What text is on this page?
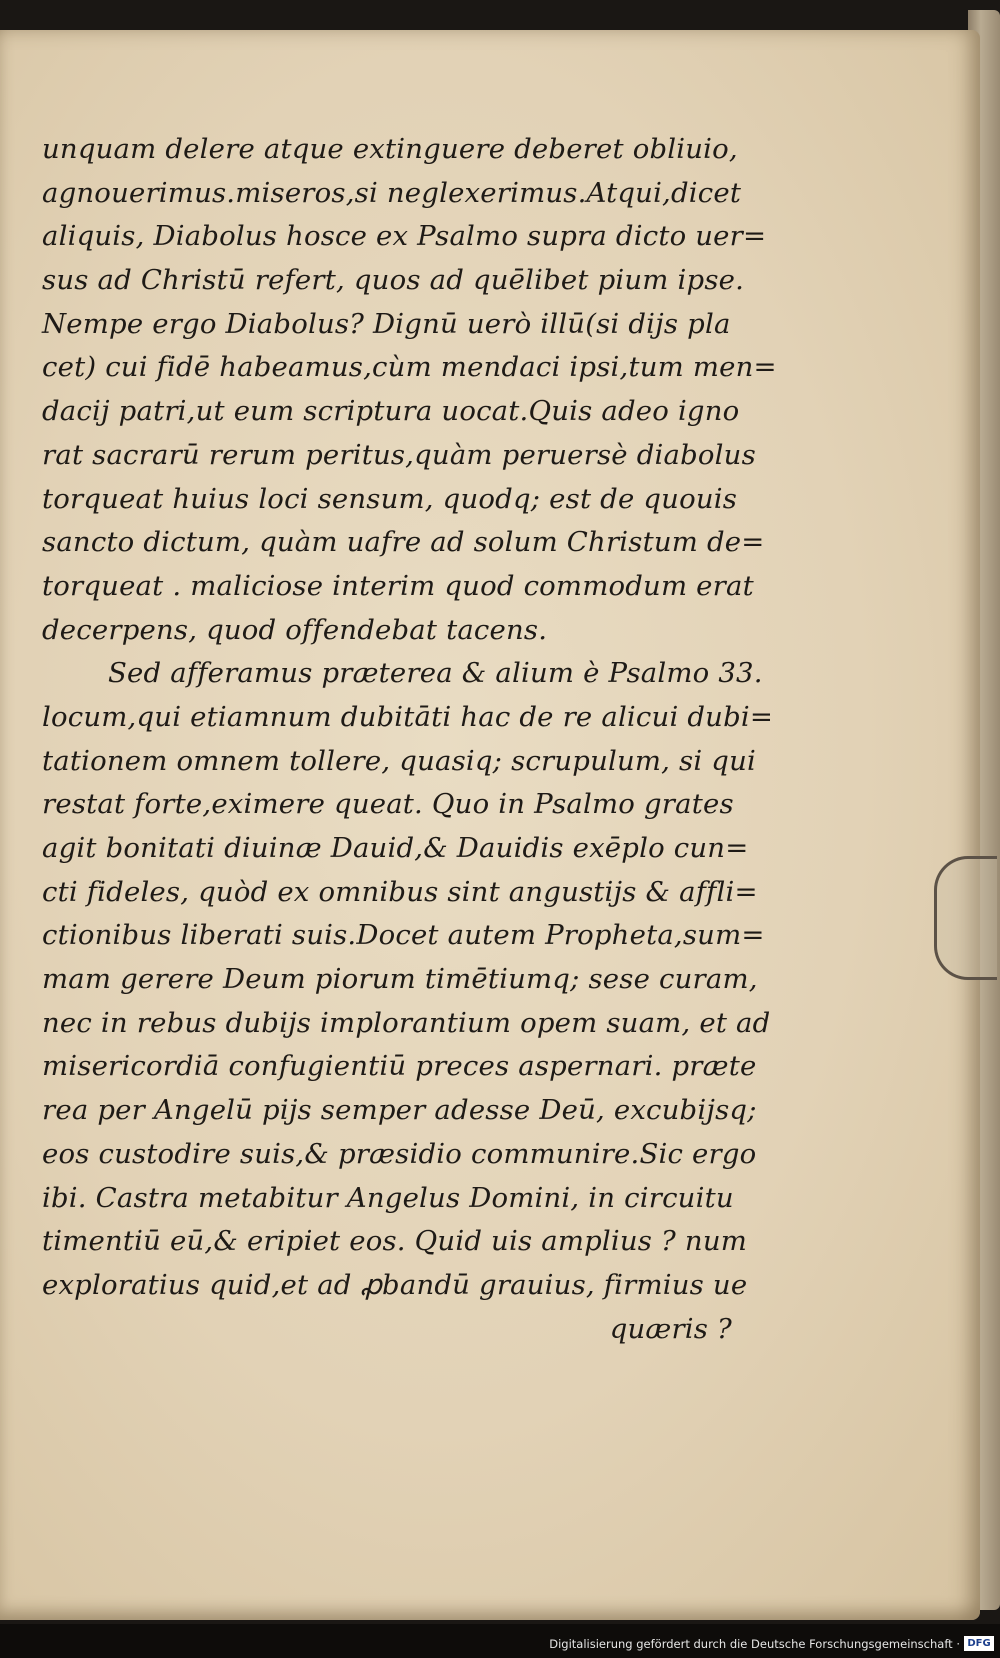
unquam delere atque extinguere deberet obliuio,
agnouerimus.miseros,si neglexerimus.Atqui,dicet
aliquis, Diabolus hosce ex Psalmo supra dicto uer=
sus ad Christū refert, quos ad quēlibet pium ipse.
Nempe ergo Diabolus? Dignū uerò illū(si dijs pla
cet) cui fidē habeamus,cùm mendaci ipsi,tum men=
dacij patri,ut eum scriptura uocat.Quis adeo igno
rat sacrarū rerum peritus,quàm peruersè diabolus
torqueat huius loci sensum, quodq; est de quouis
sancto dictum, quàm uafre ad solum Christum de=
torqueat . maliciose interim quod commodum erat
decerpens, quod offendebat tacens.
Sed afferamus præterea & alium è Psalmo 33.
locum,qui etiamnum dubitāti hac de re alicui dubi=
tationem omnem tollere, quasiq; scrupulum, si qui
restat forte,eximere queat. Quo in Psalmo grates
agit bonitati diuinæ Dauid,& Dauidis exēplo cun=
cti fideles, quòd ex omnibus sint angustijs & affli=
ctionibus liberati suis.Docet autem Propheta,sum=
mam gerere Deum piorum timētiumq; sese curam,
nec in rebus dubijs implorantium opem suam, et ad
misericordiā confugientiū preces aspernari. præte
rea per Angelū pijs semper adesse Deū, excubijsq;
eos custodire suis,& præsidio communire.Sic ergo
ibi. Castra metabitur Angelus Domini, in circuitu
timentiū eū,& eripiet eos. Quid uis amplius ? num
exploratius quid,et ad ꝓbandū grauius, firmius ue
quæris ?
Digitalisierung gefördert durch die Deutsche Forschungsgemeinschaft · DFG
